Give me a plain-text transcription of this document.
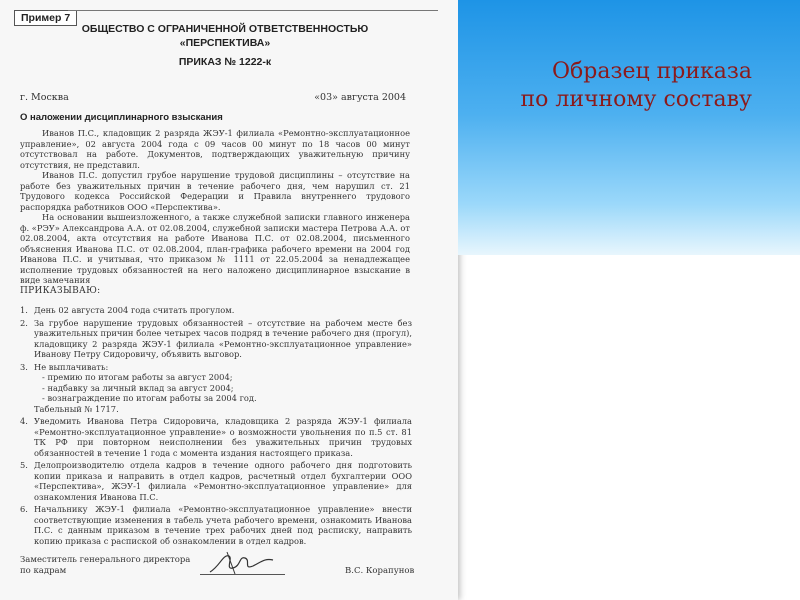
Пример 7
ОБЩЕСТВО С ОГРАНИЧЕННОЙ ОТВЕТСТВЕННОСТЬЮ
«ПЕРСПЕКТИВА»
ПРИКАЗ № 1222-к
г. Москва	«03» августа 2004
О наложении дисциплинарного взыскания

Иванов П.С., кладовщик 2 разряда ЖЭУ-1 филиала «Ремонтно-эксплуатационное управление», 02 августа 2004 года с 09 часов 00 минут по 18 часов 00 минут отсутствовал на работе. Документов, подтверждающих уважительную причину отсутствия, не представил.

Иванов П.С. допустил грубое нарушение трудовой дисциплины – отсутствие на работе без уважительных причин в течение рабочего дня, чем нарушил ст. 21 Трудового кодекса Российской Федерации и Правила внутреннего трудового распорядка работников ООО «Перспектива».

На основании вышеизложенного, а также служебной записки главного инженера ф. «РЭУ» Александрова А.А. от 02.08.2004, служебной записки мастера Петрова А.А. от 02.08.2004, акта отсутствия на работе Иванова П.С. от 02.08.2004, письменного объяснения Иванова П.С. от 02.08.2004, план-графика рабочего времени на 2004 год Иванова П.С. и учитывая, что приказом № 1111 от 22.05.2004 за ненадлежащее исполнение трудовых обязанностей на него наложено дисциплинарное взыскание в виде замечания

ПРИКАЗЫВАЮ:
1. День 02 августа 2004 года считать прогулом.
2. За грубое нарушение трудовых обязанностей – отсутствие на рабочем месте без уважительных причин более четырех часов подряд в течение рабочего дня (прогул), кладовщику 2 разряда ЖЭУ-1 филиала «Ремонтно-эксплуатационное управление» Иванову Петру Сидоровичу, объявить выговор.
3. Не выплачивать:
- премию по итогам работы за август 2004;
- надбавку за личный вклад за август 2004;
- вознаграждение по итогам работы за 2004 год.
Табельный № 1717.
4. Уведомить Иванова Петра Сидоровича, кладовщика 2 разряда ЖЭУ-1 филиала «Ремонтно-эксплуатационное управление» о возможности увольнения по п.5 ст. 81 ТК РФ при повторном неисполнении без уважительных причин трудовых обязанностей в течение 1 года с момента издания настоящего приказа.
5. Делопроизводителю отдела кадров в течение одного рабочего дня подготовить копии приказа и направить в отдел кадров, расчетный отдел бухгалтерии ООО «Перспектива», ЖЭУ-1 филиала «Ремонтно-эксплуатационное управление» для ознакомления Иванова П.С.
6. Начальнику ЖЭУ-1 филиала «Ремонтно-эксплуатационное управление» внести соответствующие изменения в табель учета рабочего времени, ознакомить Иванова П.С. с данным приказом в течение трех рабочих дней под расписку, направить копию приказа с распиской об ознакомлении в отдел кадров.
Заместитель генерального директора
по кадрам	В.С. Корапунов
Образец приказа
по личному составу
